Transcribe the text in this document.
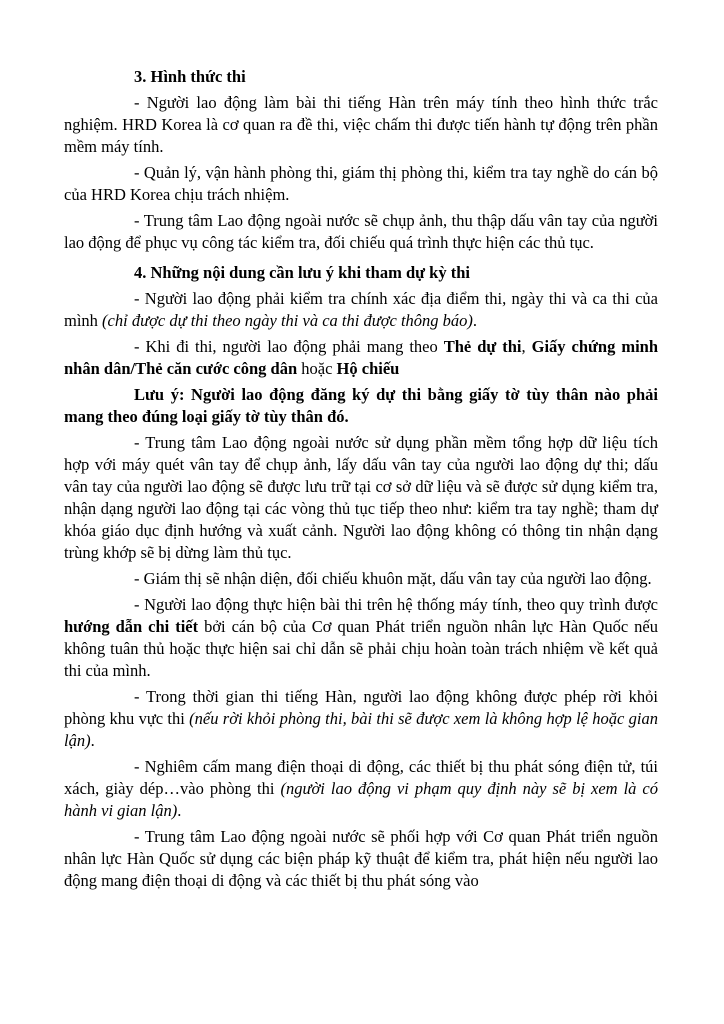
3. Hình thức thi

- Người lao động làm bài thi tiếng Hàn trên máy tính theo hình thức trắc nghiệm. HRD Korea là cơ quan ra đề thi, việc chấm thi được tiến hành tự động trên phần mềm máy tính.

- Quản lý, vận hành phòng thi, giám thị phòng thi, kiểm tra tay nghề do cán bộ của HRD Korea chịu trách nhiệm.

- Trung tâm Lao động ngoài nước sẽ chụp ảnh, thu thập dấu vân tay của người lao động để phục vụ công tác kiểm tra, đối chiếu quá trình thực hiện các thủ tục.

4. Những nội dung cần lưu ý khi tham dự kỳ thi

- Người lao động phải kiểm tra chính xác địa điểm thi, ngày thi và ca thi của mình (chỉ được dự thi theo ngày thi và ca thi được thông báo).

- Khi đi thi, người lao động phải mang theo Thẻ dự thi, Giấy chứng minh nhân dân/Thẻ căn cước công dân hoặc Hộ chiếu

Lưu ý: Người lao động đăng ký dự thi bằng giấy tờ tùy thân nào phải mang theo đúng loại giấy tờ tùy thân đó.

- Trung tâm Lao động ngoài nước sử dụng phần mềm tổng hợp dữ liệu tích hợp với máy quét vân tay để chụp ảnh, lấy dấu vân tay của người lao động dự thi; dấu vân tay của người lao động sẽ được lưu trữ tại cơ sở dữ liệu và sẽ được sử dụng kiểm tra, nhận dạng người lao động tại các vòng thủ tục tiếp theo như: kiểm tra tay nghề; tham dự khóa giáo dục định hướng và xuất cảnh. Người lao động không có thông tin nhận dạng trùng khớp sẽ bị dừng làm thủ tục.

- Giám thị sẽ nhận diện, đối chiếu khuôn mặt, dấu vân tay của người lao động.

- Người lao động thực hiện bài thi trên hệ thống máy tính, theo quy trình được hướng dẫn chi tiết bởi cán bộ của Cơ quan Phát triển nguồn nhân lực Hàn Quốc nếu không tuân thủ hoặc thực hiện sai chỉ dẫn sẽ phải chịu hoàn toàn trách nhiệm về kết quả thi của mình.

- Trong thời gian thi tiếng Hàn, người lao động không được phép rời khỏi phòng khu vực thi (nếu rời khỏi phòng thi, bài thi sẽ được xem là không hợp lệ hoặc gian lận).

- Nghiêm cấm mang điện thoại di động, các thiết bị thu phát sóng điện tử, túi xách, giày dép…vào phòng thi (người lao động vi phạm quy định này sẽ bị xem là có hành vi gian lận).

- Trung tâm Lao động ngoài nước sẽ phối hợp với Cơ quan Phát triển nguồn nhân lực Hàn Quốc sử dụng các biện pháp kỹ thuật để kiểm tra, phát hiện nếu người lao động mang điện thoại di động và các thiết bị thu phát sóng vào
